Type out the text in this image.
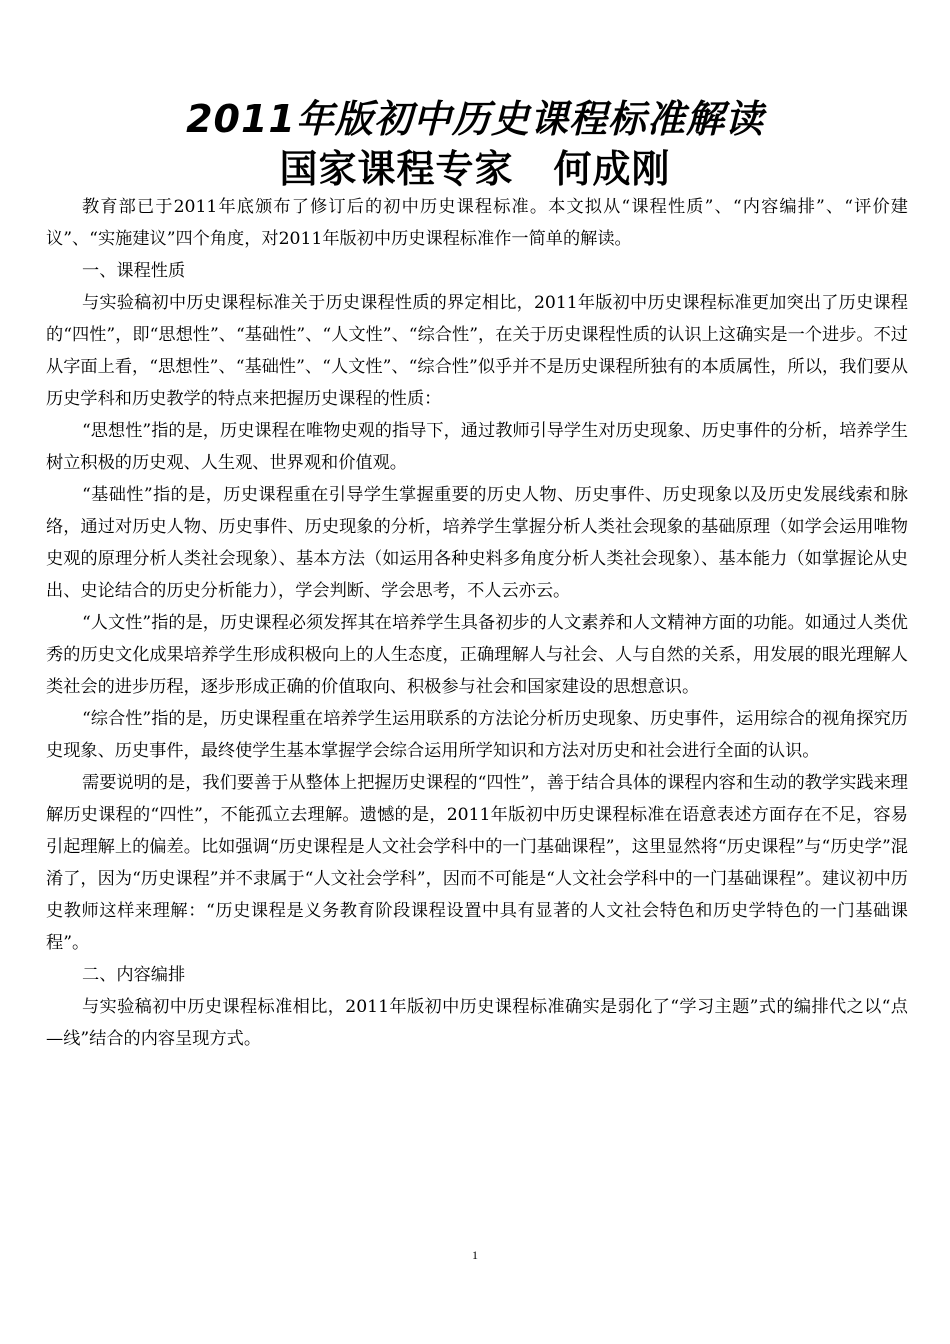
2011年版初中历史课程标准解读
国家课程专家 何成刚

教育部已于2011年底颁布了修订后的初中历史课程标准。本文拟从“课程性质”、“内容编排”、“评价建议”、“实施建议”四个角度，对2011年版初中历史课程标准作一简单的解读。

一、课程性质

与实验稿初中历史课程标准关于历史课程性质的界定相比，2011年版初中历史课程标准更加突出了历史课程的“四性”，即“思想性”、“基础性”、“人文性”、“综合性”，在关于历史课程性质的认识上这确实是一个进步。不过从字面上看，“思想性”、“基础性”、“人文性”、“综合性”似乎并不是历史课程所独有的本质属性，所以，我们要从历史学科和历史教学的特点来把握历史课程的性质：

“思想性”指的是，历史课程在唯物史观的指导下，通过教师引导学生对历史现象、历史事件的分析，培养学生树立积极的历史观、人生观、世界观和价值观。

“基础性”指的是，历史课程重在引导学生掌握重要的历史人物、历史事件、历史现象以及历史发展线索和脉络，通过对历史人物、历史事件、历史现象的分析，培养学生掌握分析人类社会现象的基础原理（如学会运用唯物史观的原理分析人类社会现象）、基本方法（如运用各种史料多角度分析人类社会现象）、基本能力（如掌握论从史出、史论结合的历史分析能力），学会判断、学会思考，不人云亦云。

“人文性”指的是，历史课程必须发挥其在培养学生具备初步的人文素养和人文精神方面的功能。如通过人类优秀的历史文化成果培养学生形成积极向上的人生态度，正确理解人与社会、人与自然的关系，用发展的眼光理解人类社会的进步历程，逐步形成正确的价值取向、积极参与社会和国家建设的思想意识。

“综合性”指的是，历史课程重在培养学生运用联系的方法论分析历史现象、历史事件，运用综合的视角探究历史现象、历史事件，最终使学生基本掌握学会综合运用所学知识和方法对历史和社会进行全面的认识。

需要说明的是，我们要善于从整体上把握历史课程的“四性”，善于结合具体的课程内容和生动的教学实践来理解历史课程的“四性”，不能孤立去理解。遗憾的是，2011年版初中历史课程标准在语意表述方面存在不足，容易引起理解上的偏差。比如强调“历史课程是人文社会学科中的一门基础课程”，这里显然将“历史课程”与“历史学”混淆了，因为“历史课程”并不隶属于“人文社会学科”，因而不可能是“人文社会学科中的一门基础课程”。建议初中历史教师这样来理解：“历史课程是义务教育阶段课程设置中具有显著的人文社会特色和历史学特色的一门基础课程”。

二、内容编排

与实验稿初中历史课程标准相比，2011年版初中历史课程标准确实是弱化了“学习主题”式的编排代之以“点—线”结合的内容呈现方式。

1
